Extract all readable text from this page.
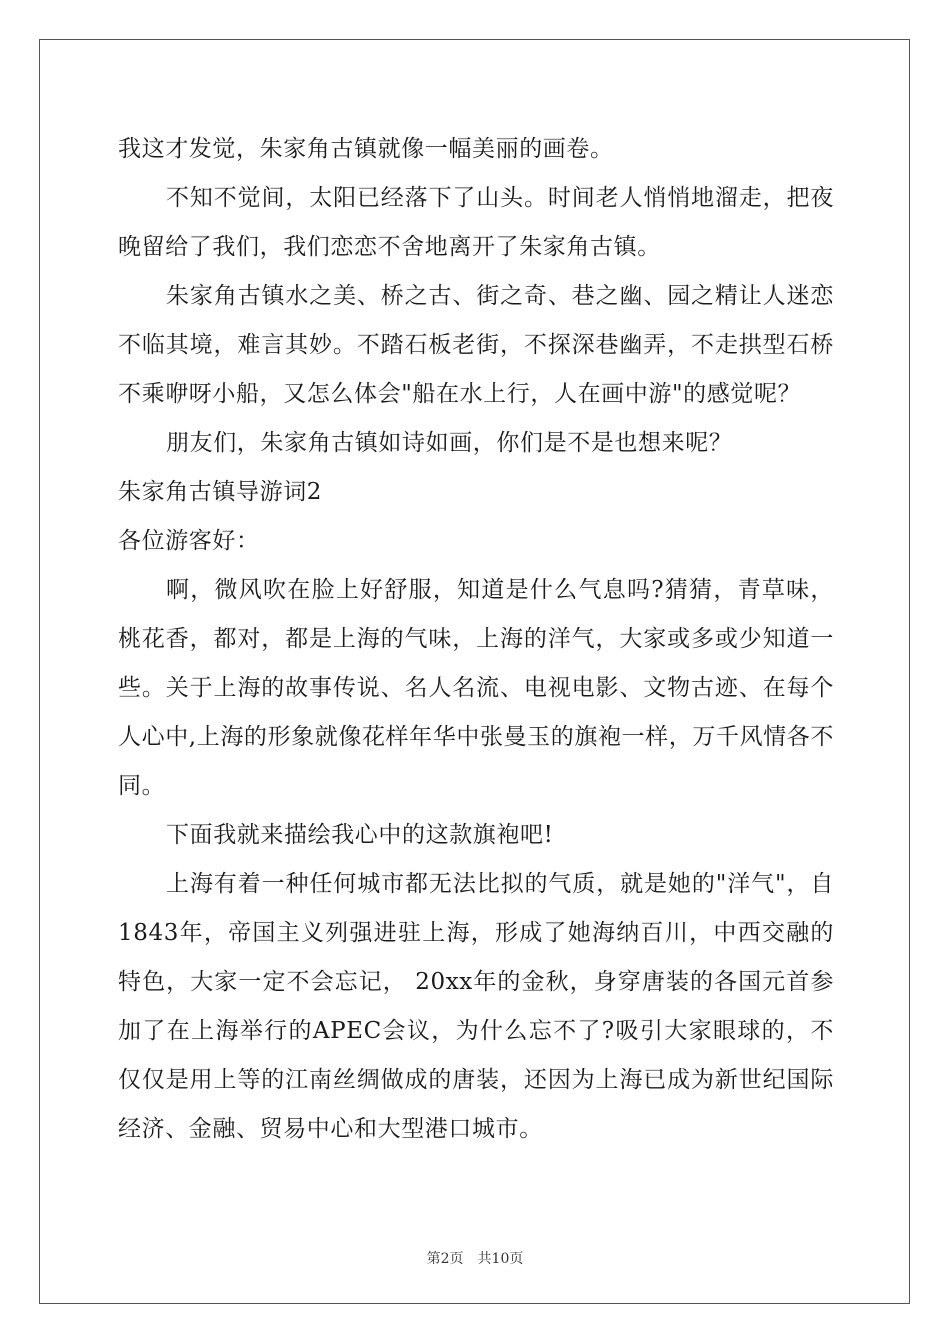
我这才发觉，朱家角古镇就像一幅美丽的画卷。

不知不觉间，太阳已经落下了山头。时间老人悄悄地溜走，把夜晚留给了我们，我们恋恋不舍地离开了朱家角古镇。

朱家角古镇水之美、桥之古、街之奇、巷之幽、园之精让人迷恋不临其境，难言其妙。不踏石板老街，不探深巷幽弄，不走拱型石桥不乘咿呀小船，又怎么体会"船在水上行，人在画中游"的感觉呢？

朋友们，朱家角古镇如诗如画，你们是不是也想来呢？

朱家角古镇导游词2

各位游客好：

啊，微风吹在脸上好舒服，知道是什么气息吗?猜猜，青草味，桃花香，都对，都是上海的气味，上海的洋气，大家或多或少知道一些。关于上海的故事传说、名人名流、电视电影、文物古迹、在每个人心中,上海的形象就像花样年华中张曼玉的旗袍一样，万千风情各不同。

下面我就来描绘我心中的这款旗袍吧!

上海有着一种任何城市都无法比拟的气质，就是她的"洋气"，自1843年，帝国主义列强进驻上海，形成了她海纳百川，中西交融的特色，大家一定不会忘记， 20xx年的金秋，身穿唐装的各国元首参加了在上海举行的APEC会议，为什么忘不了?吸引大家眼球的，不仅仅是用上等的江南丝绸做成的唐装，还因为上海已成为新世纪国际经济、金融、贸易中心和大型港口城市。

第2页　共10页
